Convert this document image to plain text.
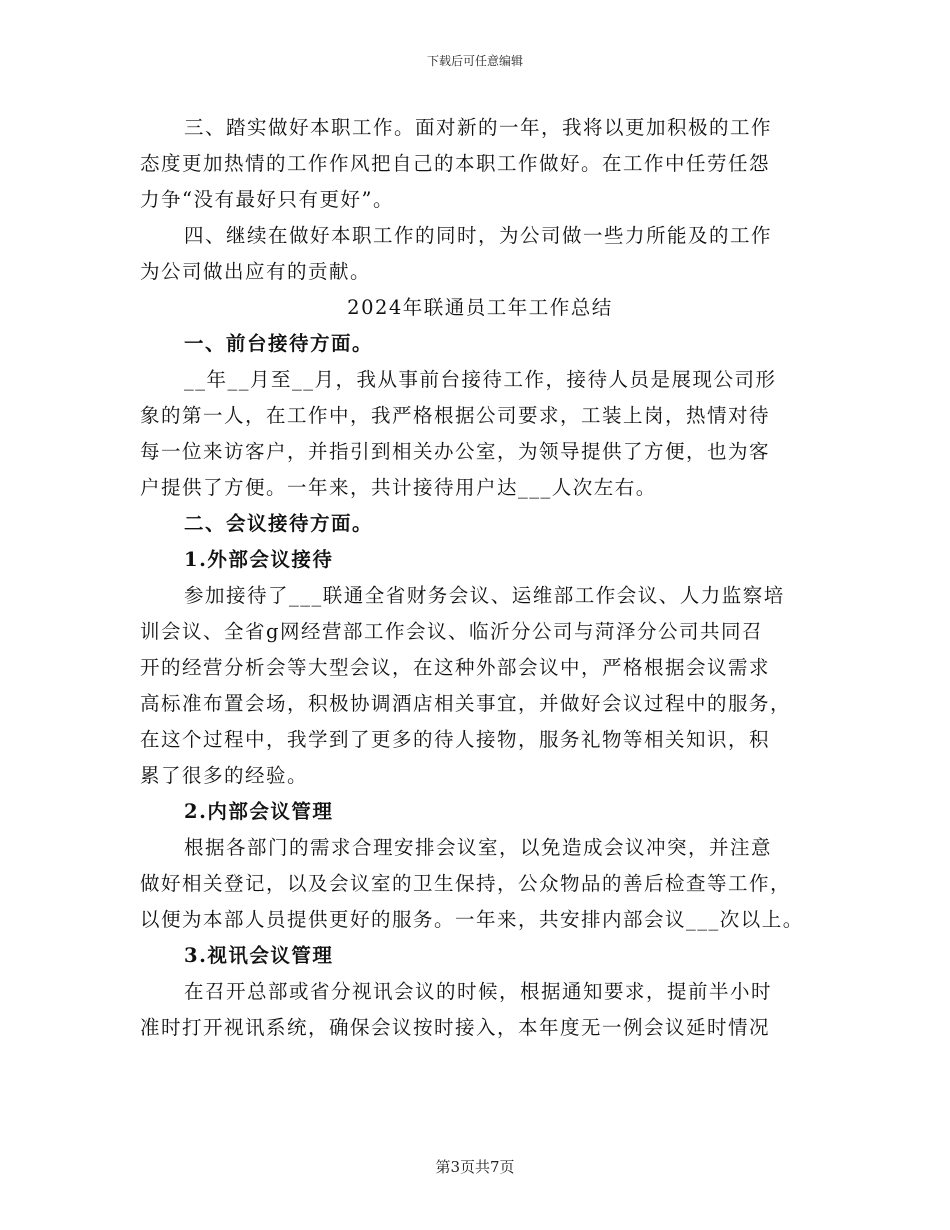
下载后可任意编辑
三、踏实做好本职工作。面对新的一年，我将以更加积极的工作
态度更加热情的工作作风把自己的本职工作做好。在工作中任劳任怨
力争“没有最好只有更好”。
四、继续在做好本职工作的同时，为公司做一些力所能及的工作
为公司做出应有的贡献。
2024年联通员工年工作总结
一、前台接待方面。
__年__月至__月，我从事前台接待工作，接待人员是展现公司形
象的第一人，在工作中，我严格根据公司要求，工装上岗，热情对待
每一位来访客户，并指引到相关办公室，为领导提供了方便，也为客
户提供了方便。一年来，共计接待用户达___人次左右。
二、会议接待方面。
1.外部会议接待
参加接待了___联通全省财务会议、运维部工作会议、人力监察培
训会议、全省g网经营部工作会议、临沂分公司与菏泽分公司共同召
开的经营分析会等大型会议，在这种外部会议中，严格根据会议需求
高标准布置会场，积极协调酒店相关事宜，并做好会议过程中的服务，
在这个过程中，我学到了更多的待人接物，服务礼物等相关知识，积
累了很多的经验。
2.内部会议管理
根据各部门的需求合理安排会议室，以免造成会议冲突，并注意
做好相关登记，以及会议室的卫生保持，公众物品的善后检查等工作，
以便为本部人员提供更好的服务。一年来，共安排内部会议___次以上。
3.视讯会议管理
在召开总部或省分视讯会议的时候，根据通知要求，提前半小时
准时打开视讯系统，确保会议按时接入，本年度无一例会议延时情况
第3页共7页
